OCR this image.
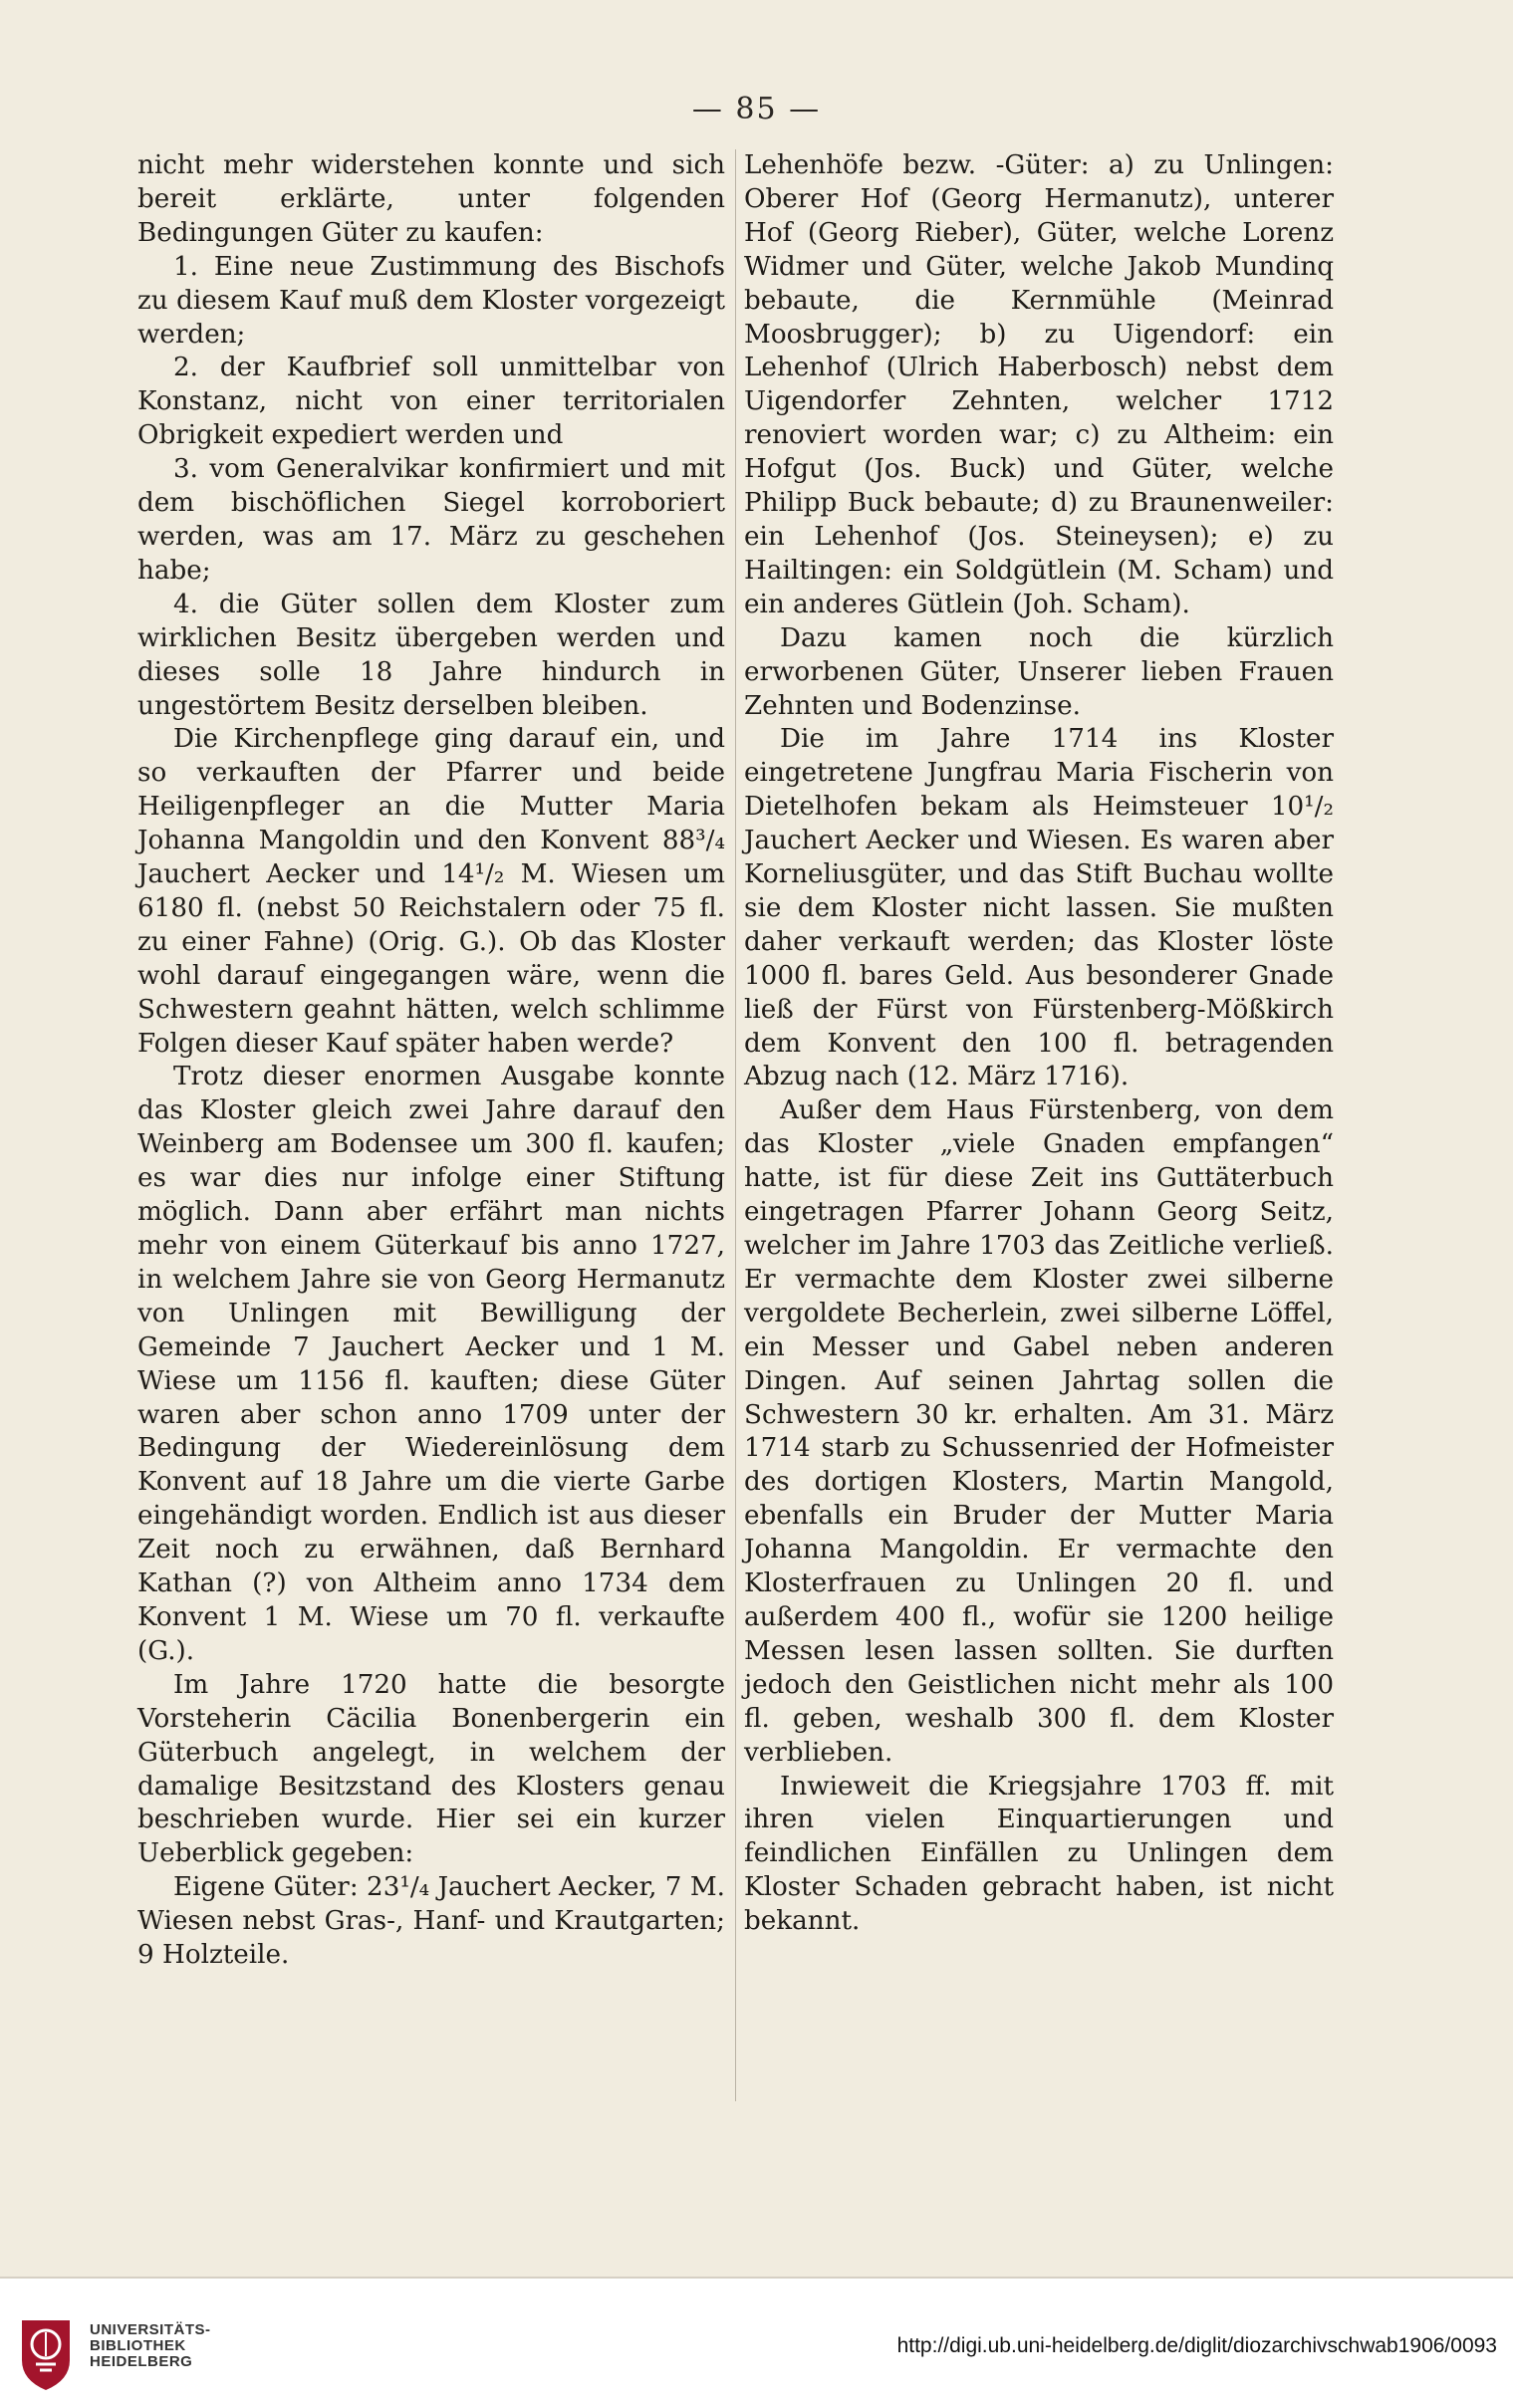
— 85 —

nicht mehr widerstehen konnte und sich bereit erklärte, unter folgenden Bedingungen Güter zu kaufen:

1. Eine neue Zustimmung des Bischofs zu diesem Kauf muß dem Kloster vorgezeigt werden;

2. der Kaufbrief soll unmittelbar von Konstanz, nicht von einer territorialen Obrigkeit expediert werden und

3. vom Generalvikar konfirmiert und mit dem bischöflichen Siegel korroboriert werden, was am 17. März zu geschehen habe;

4. die Güter sollen dem Kloster zum wirklichen Besitz übergeben werden und dieses solle 18 Jahre hindurch in ungestörtem Besitz derselben bleiben.

Die Kirchenpflege ging darauf ein, und so verkauften der Pfarrer und beide Heiligenpfleger an die Mutter Maria Johanna Mangoldin und den Konvent 88³/₄ Jauchert Aecker und 14¹/₂ M. Wiesen um 6180 fl. (nebst 50 Reichstalern oder 75 fl. zu einer Fahne) (Orig. G.). Ob das Kloster wohl darauf eingegangen wäre, wenn die Schwestern geahnt hätten, welch schlimme Folgen dieser Kauf später haben werde?

Trotz dieser enormen Ausgabe konnte das Kloster gleich zwei Jahre darauf den Weinberg am Bodensee um 300 fl. kaufen; es war dies nur infolge einer Stiftung möglich. Dann aber erfährt man nichts mehr von einem Güterkauf bis anno 1727, in welchem Jahre sie von Georg Hermanutz von Unlingen mit Bewilligung der Gemeinde 7 Jauchert Aecker und 1 M. Wiese um 1156 fl. kauften; diese Güter waren aber schon anno 1709 unter der Bedingung der Wiedereinlösung dem Konvent auf 18 Jahre um die vierte Garbe eingehändigt worden. Endlich ist aus dieser Zeit noch zu erwähnen, daß Bernhard Kathan (?) von Altheim anno 1734 dem Konvent 1 M. Wiese um 70 fl. verkaufte (G.).

Im Jahre 1720 hatte die besorgte Vorsteherin Cäcilia Bonenbergerin ein Güterbuch angelegt, in welchem der damalige Besitzstand des Klosters genau beschrieben wurde. Hier sei ein kurzer Ueberblick gegeben:

Eigene Güter: 23¹/₄ Jauchert Aecker, 7 M. Wiesen nebst Gras-, Hanf- und Krautgarten; 9 Holzteile.

Lehenhöfe bezw. -Güter: a) zu Unlingen: Oberer Hof (Georg Hermanutz), unterer Hof (Georg Rieber), Güter, welche Lorenz Widmer und Güter, welche Jakob Mundinq bebaute, die Kernmühle (Meinrad Moosbrugger); b) zu Uigendorf: ein Lehenhof (Ulrich Haberbosch) nebst dem Uigendorfer Zehnten, welcher 1712 renoviert worden war; c) zu Altheim: ein Hofgut (Jos. Buck) und Güter, welche Philipp Buck bebaute; d) zu Braunenweiler: ein Lehenhof (Jos. Steineysen); e) zu Hailtingen: ein Soldgütlein (M. Scham) und ein anderes Gütlein (Joh. Scham).

Dazu kamen noch die kürzlich erworbenen Güter, Unserer lieben Frauen Zehnten und Bodenzinse.

Die im Jahre 1714 ins Kloster eingetretene Jungfrau Maria Fischerin von Dietelhofen bekam als Heimsteuer 10¹/₂ Jauchert Aecker und Wiesen. Es waren aber Korneliusgüter, und das Stift Buchau wollte sie dem Kloster nicht lassen. Sie mußten daher verkauft werden; das Kloster löste 1000 fl. bares Geld. Aus besonderer Gnade ließ der Fürst von Fürstenberg-Mößkirch dem Konvent den 100 fl. betragenden Abzug nach (12. März 1716).

Außer dem Haus Fürstenberg, von dem das Kloster „viele Gnaden empfangen“ hatte, ist für diese Zeit ins Guttäterbuch eingetragen Pfarrer Johann Georg Seitz, welcher im Jahre 1703 das Zeitliche verließ. Er vermachte dem Kloster zwei silberne vergoldete Becherlein, zwei silberne Löffel, ein Messer und Gabel neben anderen Dingen. Auf seinen Jahrtag sollen die Schwestern 30 kr. erhalten. Am 31. März 1714 starb zu Schussenried der Hofmeister des dortigen Klosters, Martin Mangold, ebenfalls ein Bruder der Mutter Maria Johanna Mangoldin. Er vermachte den Klosterfrauen zu Unlingen 20 fl. und außerdem 400 fl., wofür sie 1200 heilige Messen lesen lassen sollten. Sie durften jedoch den Geistlichen nicht mehr als 100 fl. geben, weshalb 300 fl. dem Kloster verblieben.

Inwieweit die Kriegsjahre 1703 ff. mit ihren vielen Einquartierungen und feindlichen Einfällen zu Unlingen dem Kloster Schaden gebracht haben, ist nicht bekannt.

UNIVERSITÄTS-
BIBLIOTHEK
HEIDELBERG
http://digi.ub.uni-heidelberg.de/diglit/diozarchivschwab1906/0093
